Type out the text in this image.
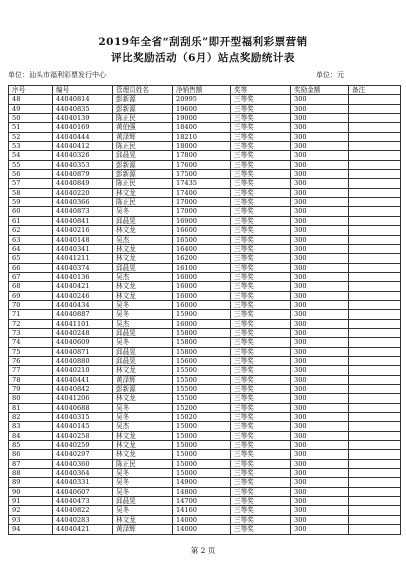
2019年全省“刮刮乐”即开型福利彩票营销
评比奖励活动（6月）站点奖励统计表
单位：汕头市福利彩票发行中心	单位：元
序号	编号	管理员姓名	净销售额	奖等	奖励金额	备注
48	44040814	彭新源	20995	三等奖	300	
49	44040835	彭新源	19600	三等奖	300	
50	44040139	陈正民	19000	三等奖	300	
51	44040169	黄伯强	18400	三等奖	300	
52	44040444	黄泽辉	18210	三等奖	300	
53	44040412	陈正民	18000	三等奖	300	
54	44040326	邱晨晃	17800	三等奖	300	
55	44040353	彭新源	17600	三等奖	300	
56	44040879	彭新源	17500	三等奖	300	
57	44040849	陈正民	17435	三等奖	300	
58	44040220	林文龙	17400	三等奖	300	
59	44040366	陈正民	17000	三等奖	300	
60	44040873	吴冬	17000	三等奖	300	
61	44040841	邱晨晃	16900	三等奖	300	
62	44040216	林文龙	16600	三等奖	300	
63	44040148	吴杰	16500	三等奖	300	
64	44040341	林文龙	16400	三等奖	300	
65	44041211	林文龙	16200	三等奖	300	
66	44040374	邱晨晃	16100	三等奖	300	
67	44040136	吴杰	16000	三等奖	300	
68	44040421	林文龙	16000	三等奖	300	
69	44040246	林文龙	16000	三等奖	300	
70	44040434	吴冬	16000	三等奖	300	
71	44040887	吴冬	15900	三等奖	300	
72	44041101	吴杰	16000	三等奖	300	
73	44040248	邱晨晃	15800	三等奖	300	
74	44040609	吴冬	15800	三等奖	300	
75	44040871	邱晨晃	15800	三等奖	300	
76	44040880	邱晨晃	15600	三等奖	300	
77	44040210	林文龙	15500	三等奖	300	
78	44040441	黄泽辉	15500	三等奖	300	
79	44040842	彭新源	15500	三等奖	300	
80	44041206	林文龙	15500	三等奖	300	
81	44040688	吴冬	15200	三等奖	300	
82	44040315	吴冬	15020	三等奖	300	
83	44040145	吴杰	15000	三等奖	300	
84	44040258	林文龙	15000	三等奖	300	
85	44040259	林文龙	15000	三等奖	300	
86	44040297	林文龙	15000	三等奖	300	
87	44040360	陈正民	15000	三等奖	300	
88	44040364	吴冬	15000	三等奖	300	
89	44040331	吴冬	14900	三等奖	300	
90	44040607	吴冬	14800	三等奖	300	
91	44040473	邱晨晃	14700	三等奖	300	
92	44040822	吴冬	14160	三等奖	300	
93	44040283	林文龙	14000	三等奖	300	
94	44040421	黄泽辉	14000	三等奖	300	
第 2 页
